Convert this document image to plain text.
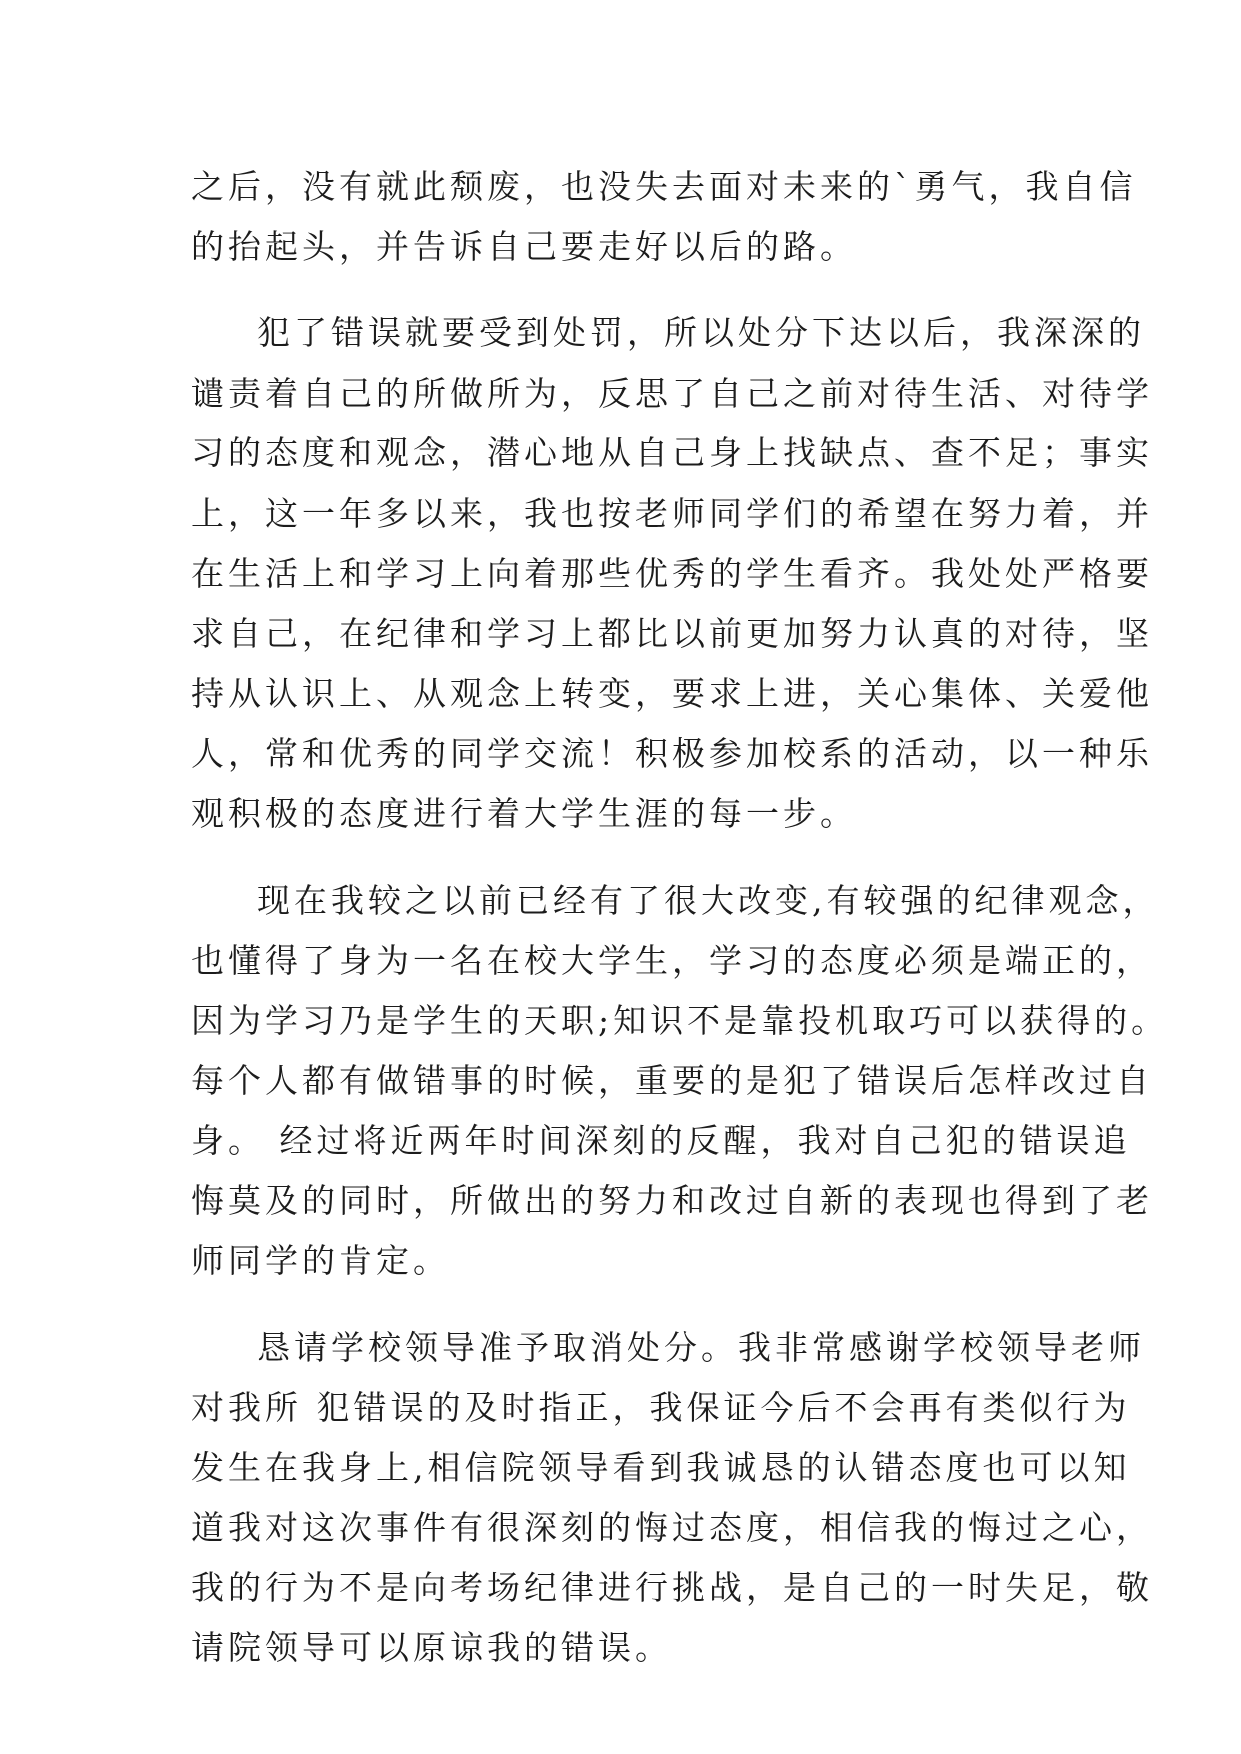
之后，没有就此颓废，也没失去面对未来的`勇气，我自信
的抬起头，并告诉自己要走好以后的路。
犯了错误就要受到处罚，所以处分下达以后，我深深的
谴责着自己的所做所为，反思了自己之前对待生活、对待学
习的态度和观念，潜心地从自己身上找缺点、查不足；事实
上，这一年多以来，我也按老师同学们的希望在努力着，并
在生活上和学习上向着那些优秀的学生看齐。我处处严格要
求自己，在纪律和学习上都比以前更加努力认真的对待，坚
持从认识上、从观念上转变，要求上进，关心集体、关爱他
人，常和优秀的同学交流！积极参加校系的活动，以一种乐
观积极的态度进行着大学生涯的每一步。
现在我较之以前已经有了很大改变,有较强的纪律观念，
也懂得了身为一名在校大学生，学习的态度必须是端正的，
因为学习乃是学生的天职;知识不是靠投机取巧可以获得的。
每个人都有做错事的时候，重要的是犯了错误后怎样改过自
身。 经过将近两年时间深刻的反醒，我对自己犯的错误追
悔莫及的同时，所做出的努力和改过自新的表现也得到了老
师同学的肯定。
恳请学校领导准予取消处分。我非常感谢学校领导老师
对我所 犯错误的及时指正，我保证今后不会再有类似行为
发生在我身上,相信院领导看到我诚恳的认错态度也可以知
道我对这次事件有很深刻的悔过态度，相信我的悔过之心，
我的行为不是向考场纪律进行挑战，是自己的一时失足，敬
请院领导可以原谅我的错误。
